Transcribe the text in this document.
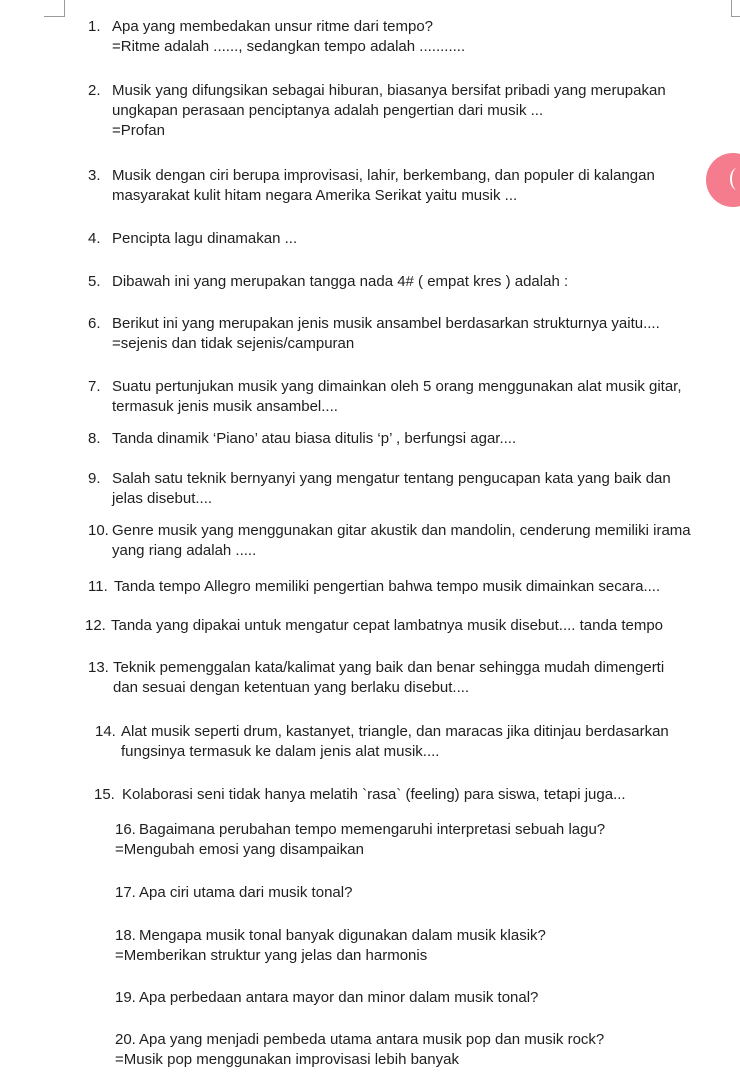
1. Apa yang membedakan unsur ritme dari tempo?
=Ritme adalah ......, sedangkan tempo adalah ...........
2. Musik yang difungsikan sebagai hiburan, biasanya bersifat pribadi yang merupakan
ungkapan perasaan penciptanya adalah pengertian dari musik ...
=Profan
3. Musik dengan ciri berupa improvisasi, lahir, berkembang, dan populer di kalangan
masyarakat kulit hitam negara Amerika Serikat yaitu musik ...
4. Pencipta lagu dinamakan ...
5. Dibawah ini yang merupakan tangga nada 4# ( empat kres ) adalah :
6. Berikut ini yang merupakan jenis musik ansambel berdasarkan strukturnya yaitu....
=sejenis dan tidak sejenis/campuran
7. Suatu pertunjukan musik yang dimainkan oleh 5 orang menggunakan alat musik gitar,
termasuk jenis musik ansambel....
8. Tanda dinamik ‘Piano’ atau biasa ditulis ‘p’ , berfungsi agar....
9. Salah satu teknik bernyanyi yang mengatur tentang pengucapan kata yang baik dan
jelas disebut....
10. Genre musik yang menggunakan gitar akustik dan mandolin, cenderung memiliki irama
yang riang adalah .....
11. Tanda tempo Allegro memiliki pengertian bahwa tempo musik dimainkan secara....
12. Tanda yang dipakai untuk mengatur cepat lambatnya musik disebut.... tanda tempo
13. Teknik pemenggalan kata/kalimat yang baik dan benar sehingga mudah dimengerti
dan sesuai dengan ketentuan yang berlaku disebut....
14. Alat musik seperti drum, kastanyet, triangle, dan maracas jika ditinjau berdasarkan
fungsinya termasuk ke dalam jenis alat musik....
15. Kolaborasi seni tidak hanya melatih `rasa` (feeling) para siswa, tetapi juga...
16. Bagaimana perubahan tempo memengaruhi interpretasi sebuah lagu?
=Mengubah emosi yang disampaikan
17. Apa ciri utama dari musik tonal?
18. Mengapa musik tonal banyak digunakan dalam musik klasik?
=Memberikan struktur yang jelas dan harmonis
19. Apa perbedaan antara mayor dan minor dalam musik tonal?
20. Apa yang menjadi pembeda utama antara musik pop dan musik rock?
=Musik pop menggunakan improvisasi lebih banyak
